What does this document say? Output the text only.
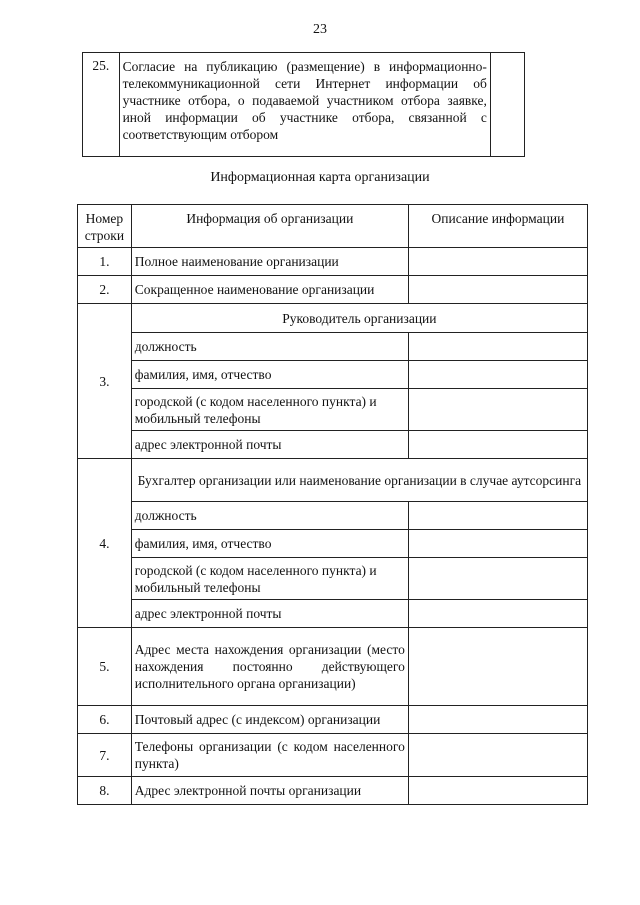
23
25.	Согласие на публикацию (размещение) в информационно-телекоммуникационной сети Интернет информации об участнике отбора, о подаваемой участником отбора заявке, иной информации об участнике отбора, связанной с соответствующим отбором	
Информационная карта организации
Номер строки	Информация об организации	Описание информации
1.	Полное наименование организации	
2.	Сокращенное наименование организации	
3.	Руководитель организации	
	должность	
	фамилия, имя, отчество	
	городской (с кодом населенного пункта) и мобильный телефоны	
	адрес электронной почты	
4.	Бухгалтер организации или наименование организации в случае аутсорсинга	
	должность	
	фамилия, имя, отчество	
	городской (с кодом населенного пункта) и мобильный телефоны	
	адрес электронной почты	
5.	Адрес места нахождения организации (место нахождения постоянно действующего исполнительного органа организации)	
6.	Почтовый адрес (с индексом) организации	
7.	Телефоны организации (с кодом населенного пункта)	
8.	Адрес электронной почты организации	
